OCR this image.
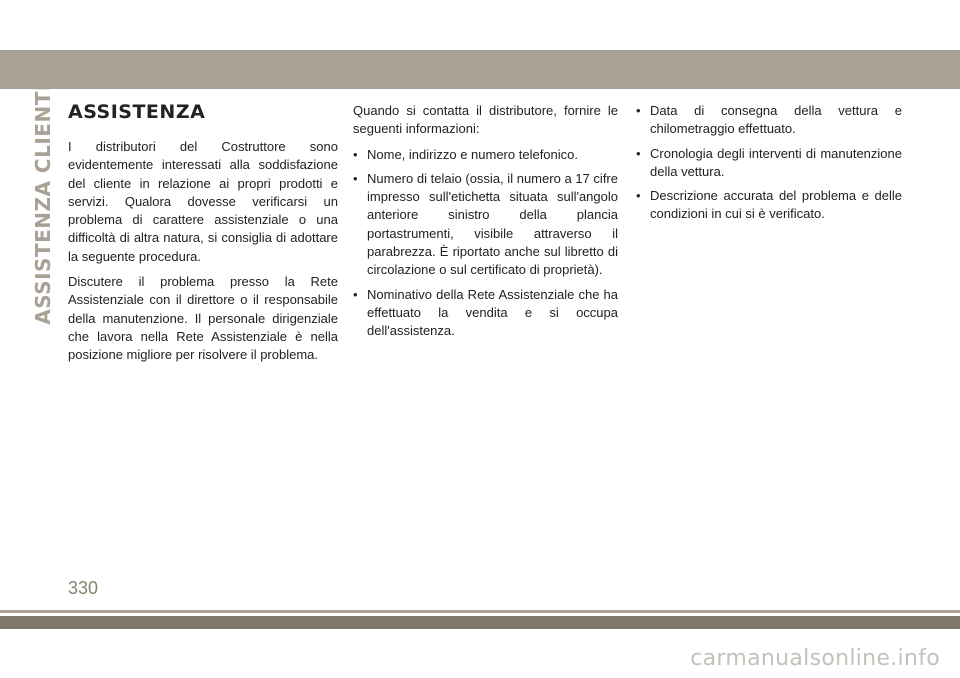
ASSISTENZA CLIENTI ASSISTENZA

I distributori del Costruttore sono evidentemente interessati alla soddisfazione del cliente in relazione ai propri prodotti e servizi. Qualora dovesse verificarsi un problema di carattere assistenziale o una difficoltà di altra natura, si consiglia di adottare la seguente procedura.

Discutere il problema presso la Rete Assistenziale con il direttore o il responsabile della manutenzione. Il personale dirigenziale che lavora nella Rete Assistenziale è nella posizione migliore per risolvere il problema.

Quando si contatta il distributore, fornire le seguenti informazioni:

• Nome, indirizzo e numero telefonico.
• Numero di telaio (ossia, il numero a 17 cifre impresso sull'etichetta situata sull'angolo anteriore sinistro della plancia portastrumenti, visibile attraverso il parabrezza. È riportato anche sul libretto di circolazione o sul certificato di proprietà).
• Nominativo della Rete Assistenziale che ha effettuato la vendita e si occupa dell'assistenza.
• Data di consegna della vettura e chilometraggio effettuato.
• Cronologia degli interventi di manutenzione della vettura.
• Descrizione accurata del problema e delle condizioni in cui si è verificato.
330
carmanualsonline.info
